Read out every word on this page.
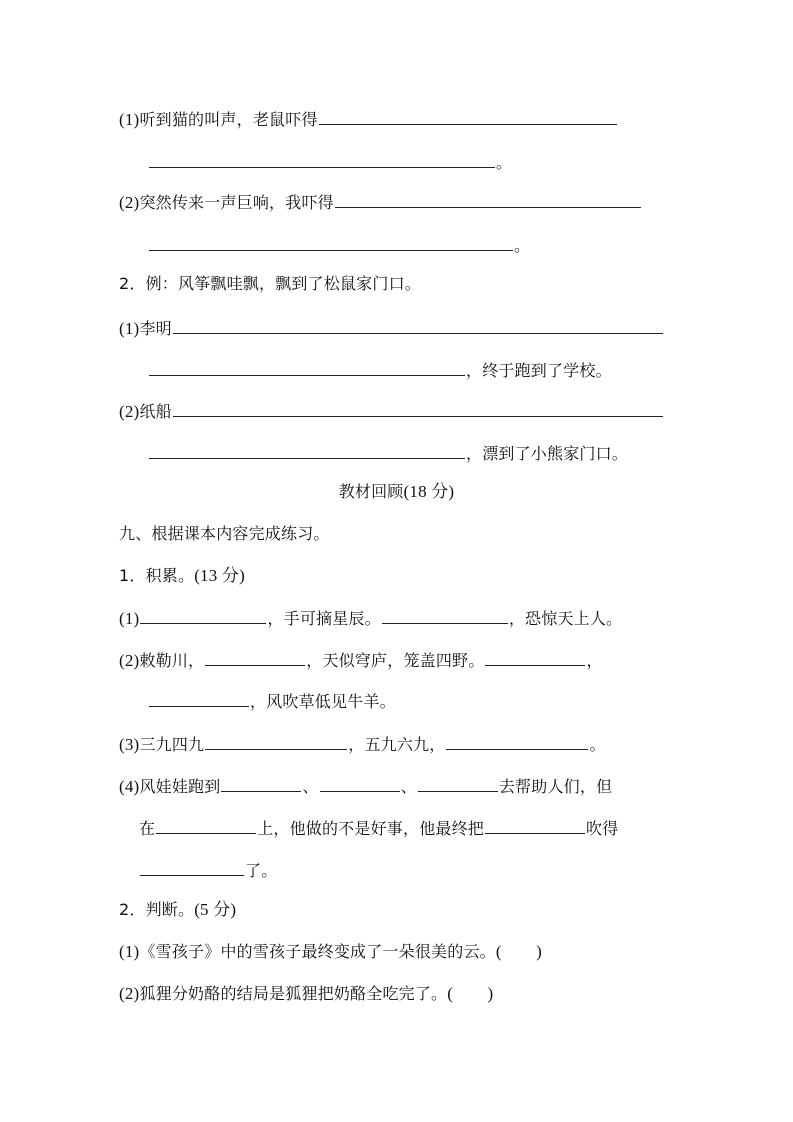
(1)听到猫的叫声，老鼠吓得
。
(2)突然传来一声巨响，我吓得
。
2．例：风筝飘哇飘，飘到了松鼠家门口。
(1)李明
，终于跑到了学校。
(2)纸船
，漂到了小熊家门口。
教材回顾(18 分)
九、根据课本内容完成练习。
1．积累。(13 分)
(1)	，手可摘星辰。	，恐惊天上人。
(2)敕勒川，	，天似穹庐，笼盖四野。	，
，风吹草低见牛羊。
(3)三九四九	，五九六九，	。
(4)风娃娃跑到	、	、	去帮助人们，但
在	上，他做的不是好事，他最终把	吹得
了。
2．判断。(5 分)
(1)《雪孩子》中的雪孩子最终变成了一朵很美的云。(　　)
(2)狐狸分奶酪的结局是狐狸把奶酪全吃完了。(　　)
